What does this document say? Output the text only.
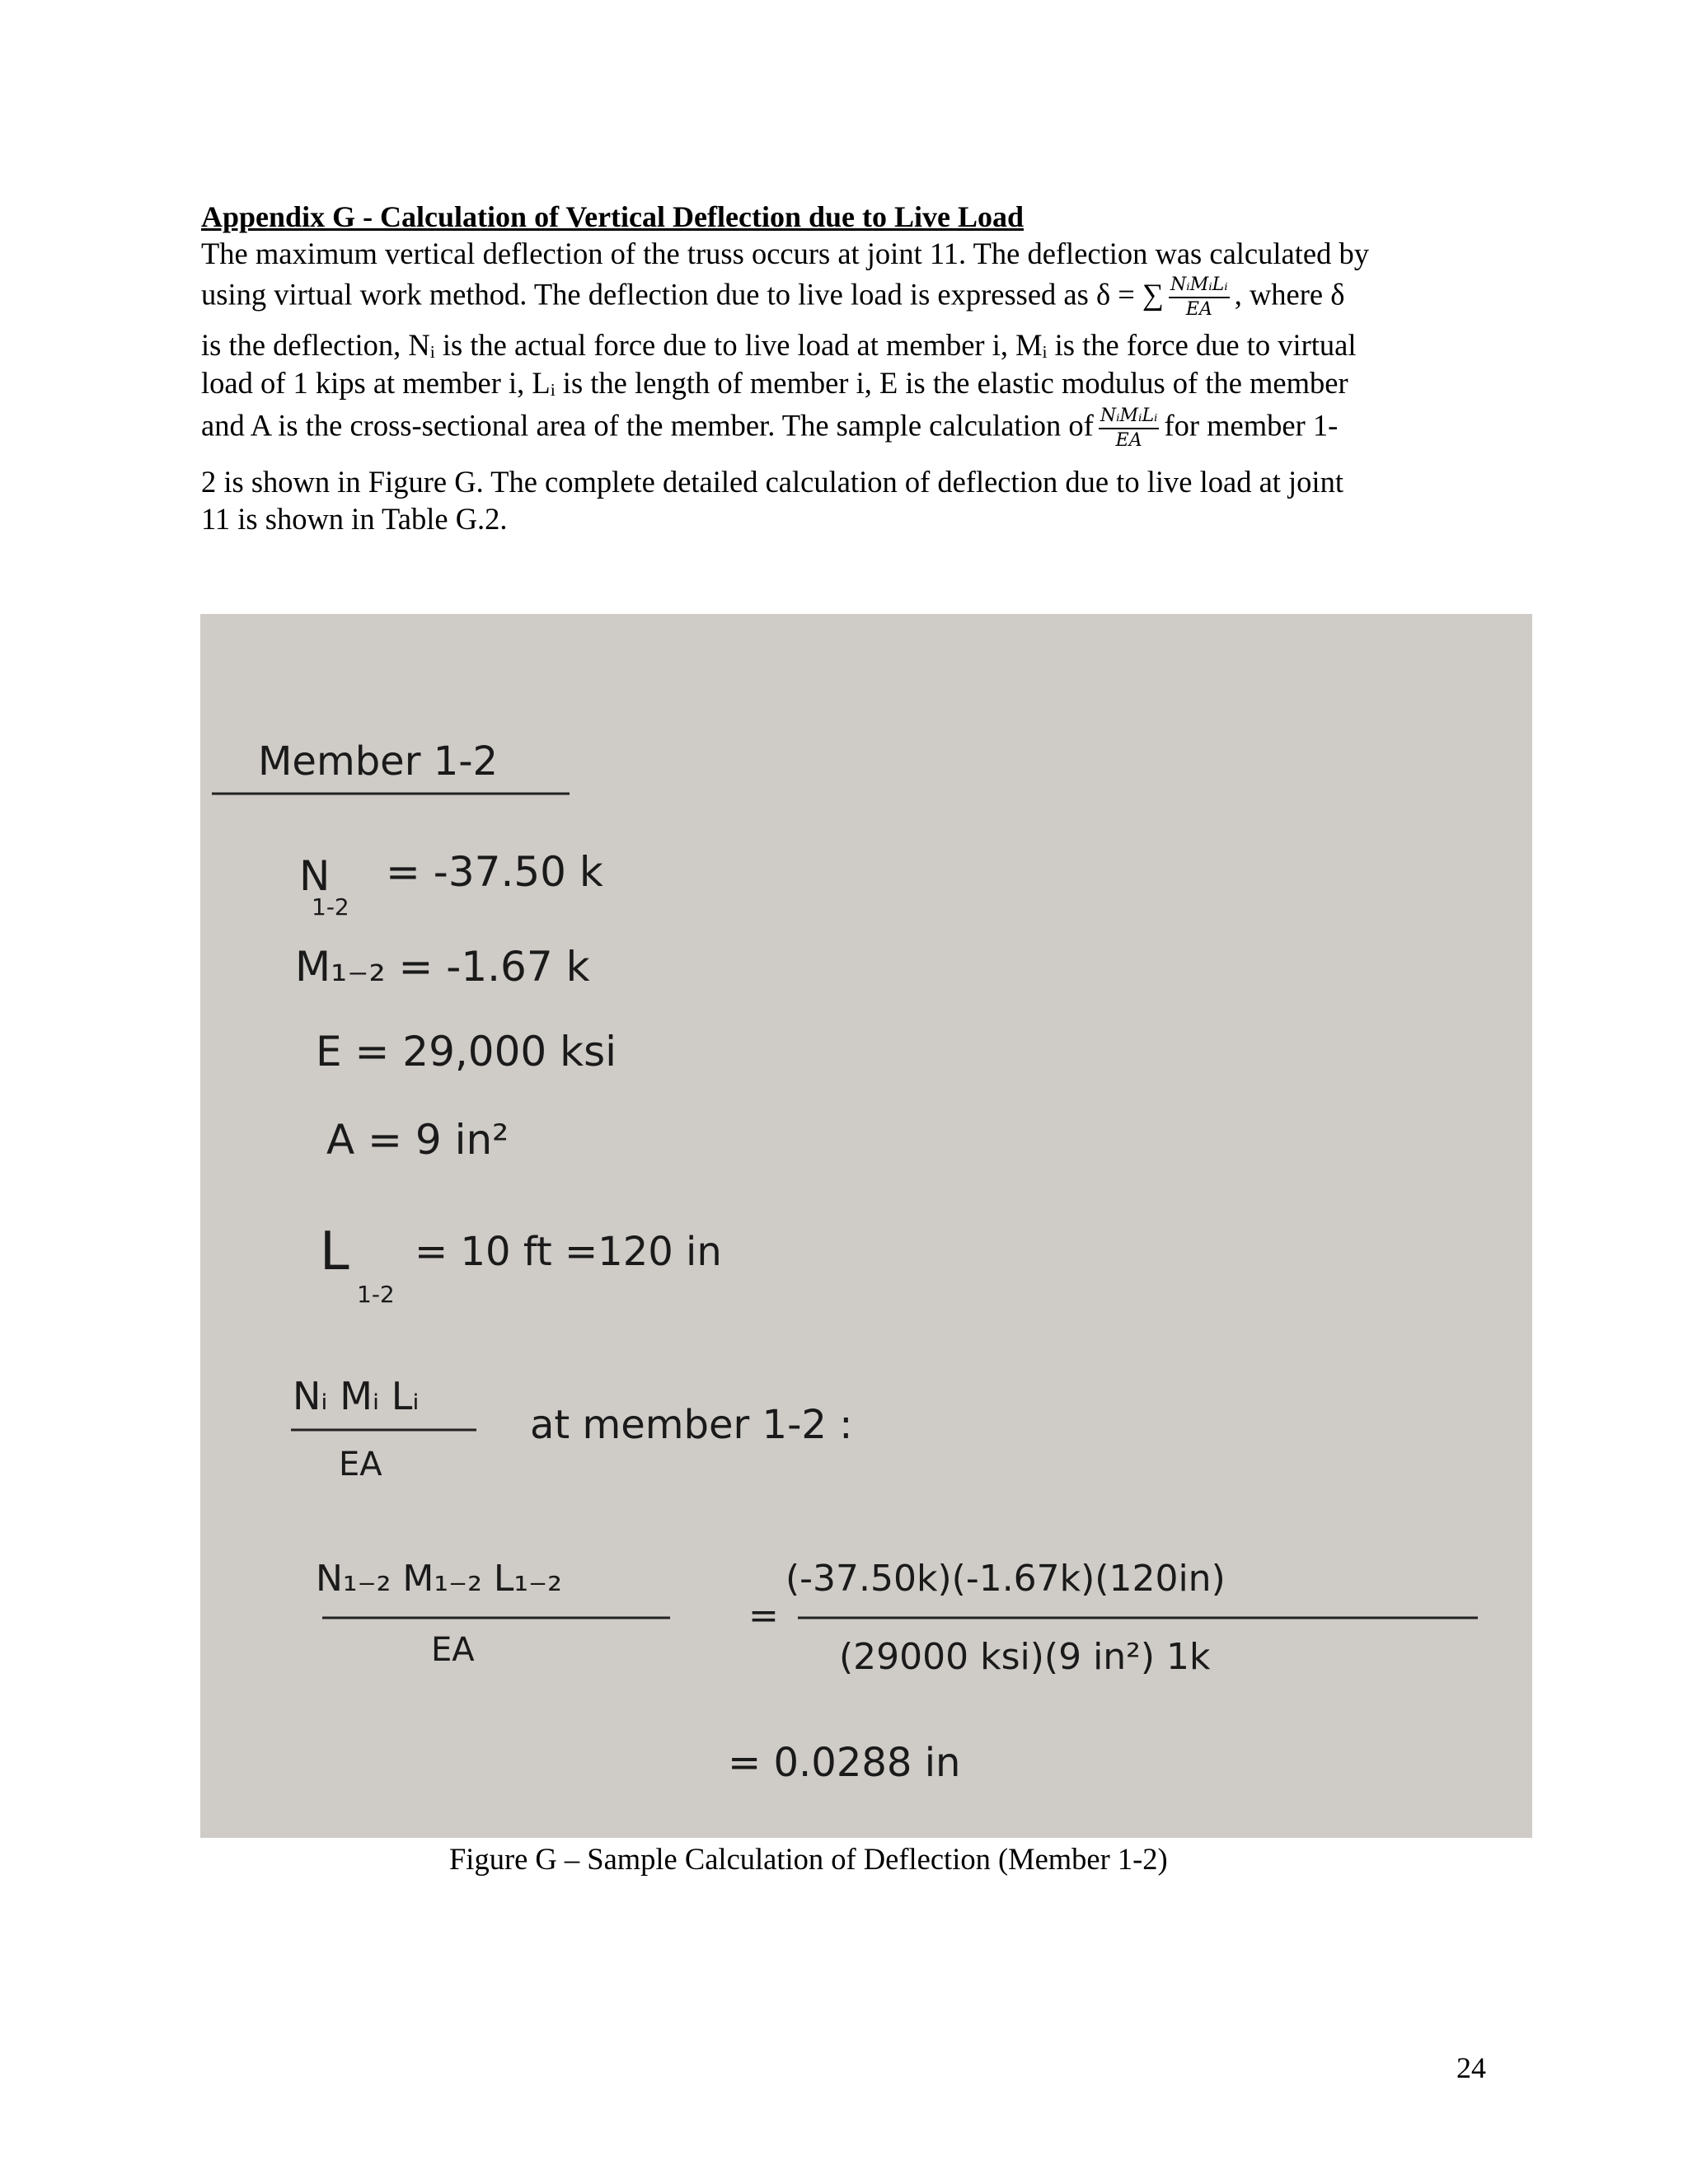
Appendix G - Calculation of Vertical Deflection due to Live Load
The maximum vertical deflection of the truss occurs at joint 11. The deflection was calculated by
using virtual work method. The deflection due to live load is expressed as δ = ∑ $\frac{\text{NᵢMᵢLᵢ}}{EA}$ , where δ
is the deflection, Nᵢ is the actual force due to live load at member i, Mᵢ is the force due to virtual
load of 1 kips at member i, Lᵢ is the length of member i, E is the elastic modulus of the member
and A is the cross-sectional area of the member. The sample calculation of $\frac{\text{NᵢMᵢLᵢ}}{EA}$ for member 1-
2 is shown in Figure G. The complete detailed calculation of deflection due to live load at joint
11 is shown in Table G.2.
Member 1-2
N
1-2
= -37.50 k
M₁₋₂ = -1.67 k
E = 29,000 ksi
A = 9 in²
L
1-2
= 10 ft =120 in
Nᵢ Mᵢ Lᵢ
EA
at member 1-2 :
N₁₋₂ M₁₋₂ L₁₋₂
EA
=
(-37.50k)(-1.67k)(120in)
(29000 ksi)(9 in²) 1k
= 0.0288 in
Figure G – Sample Calculation of Deflection (Member 1-2)
24
